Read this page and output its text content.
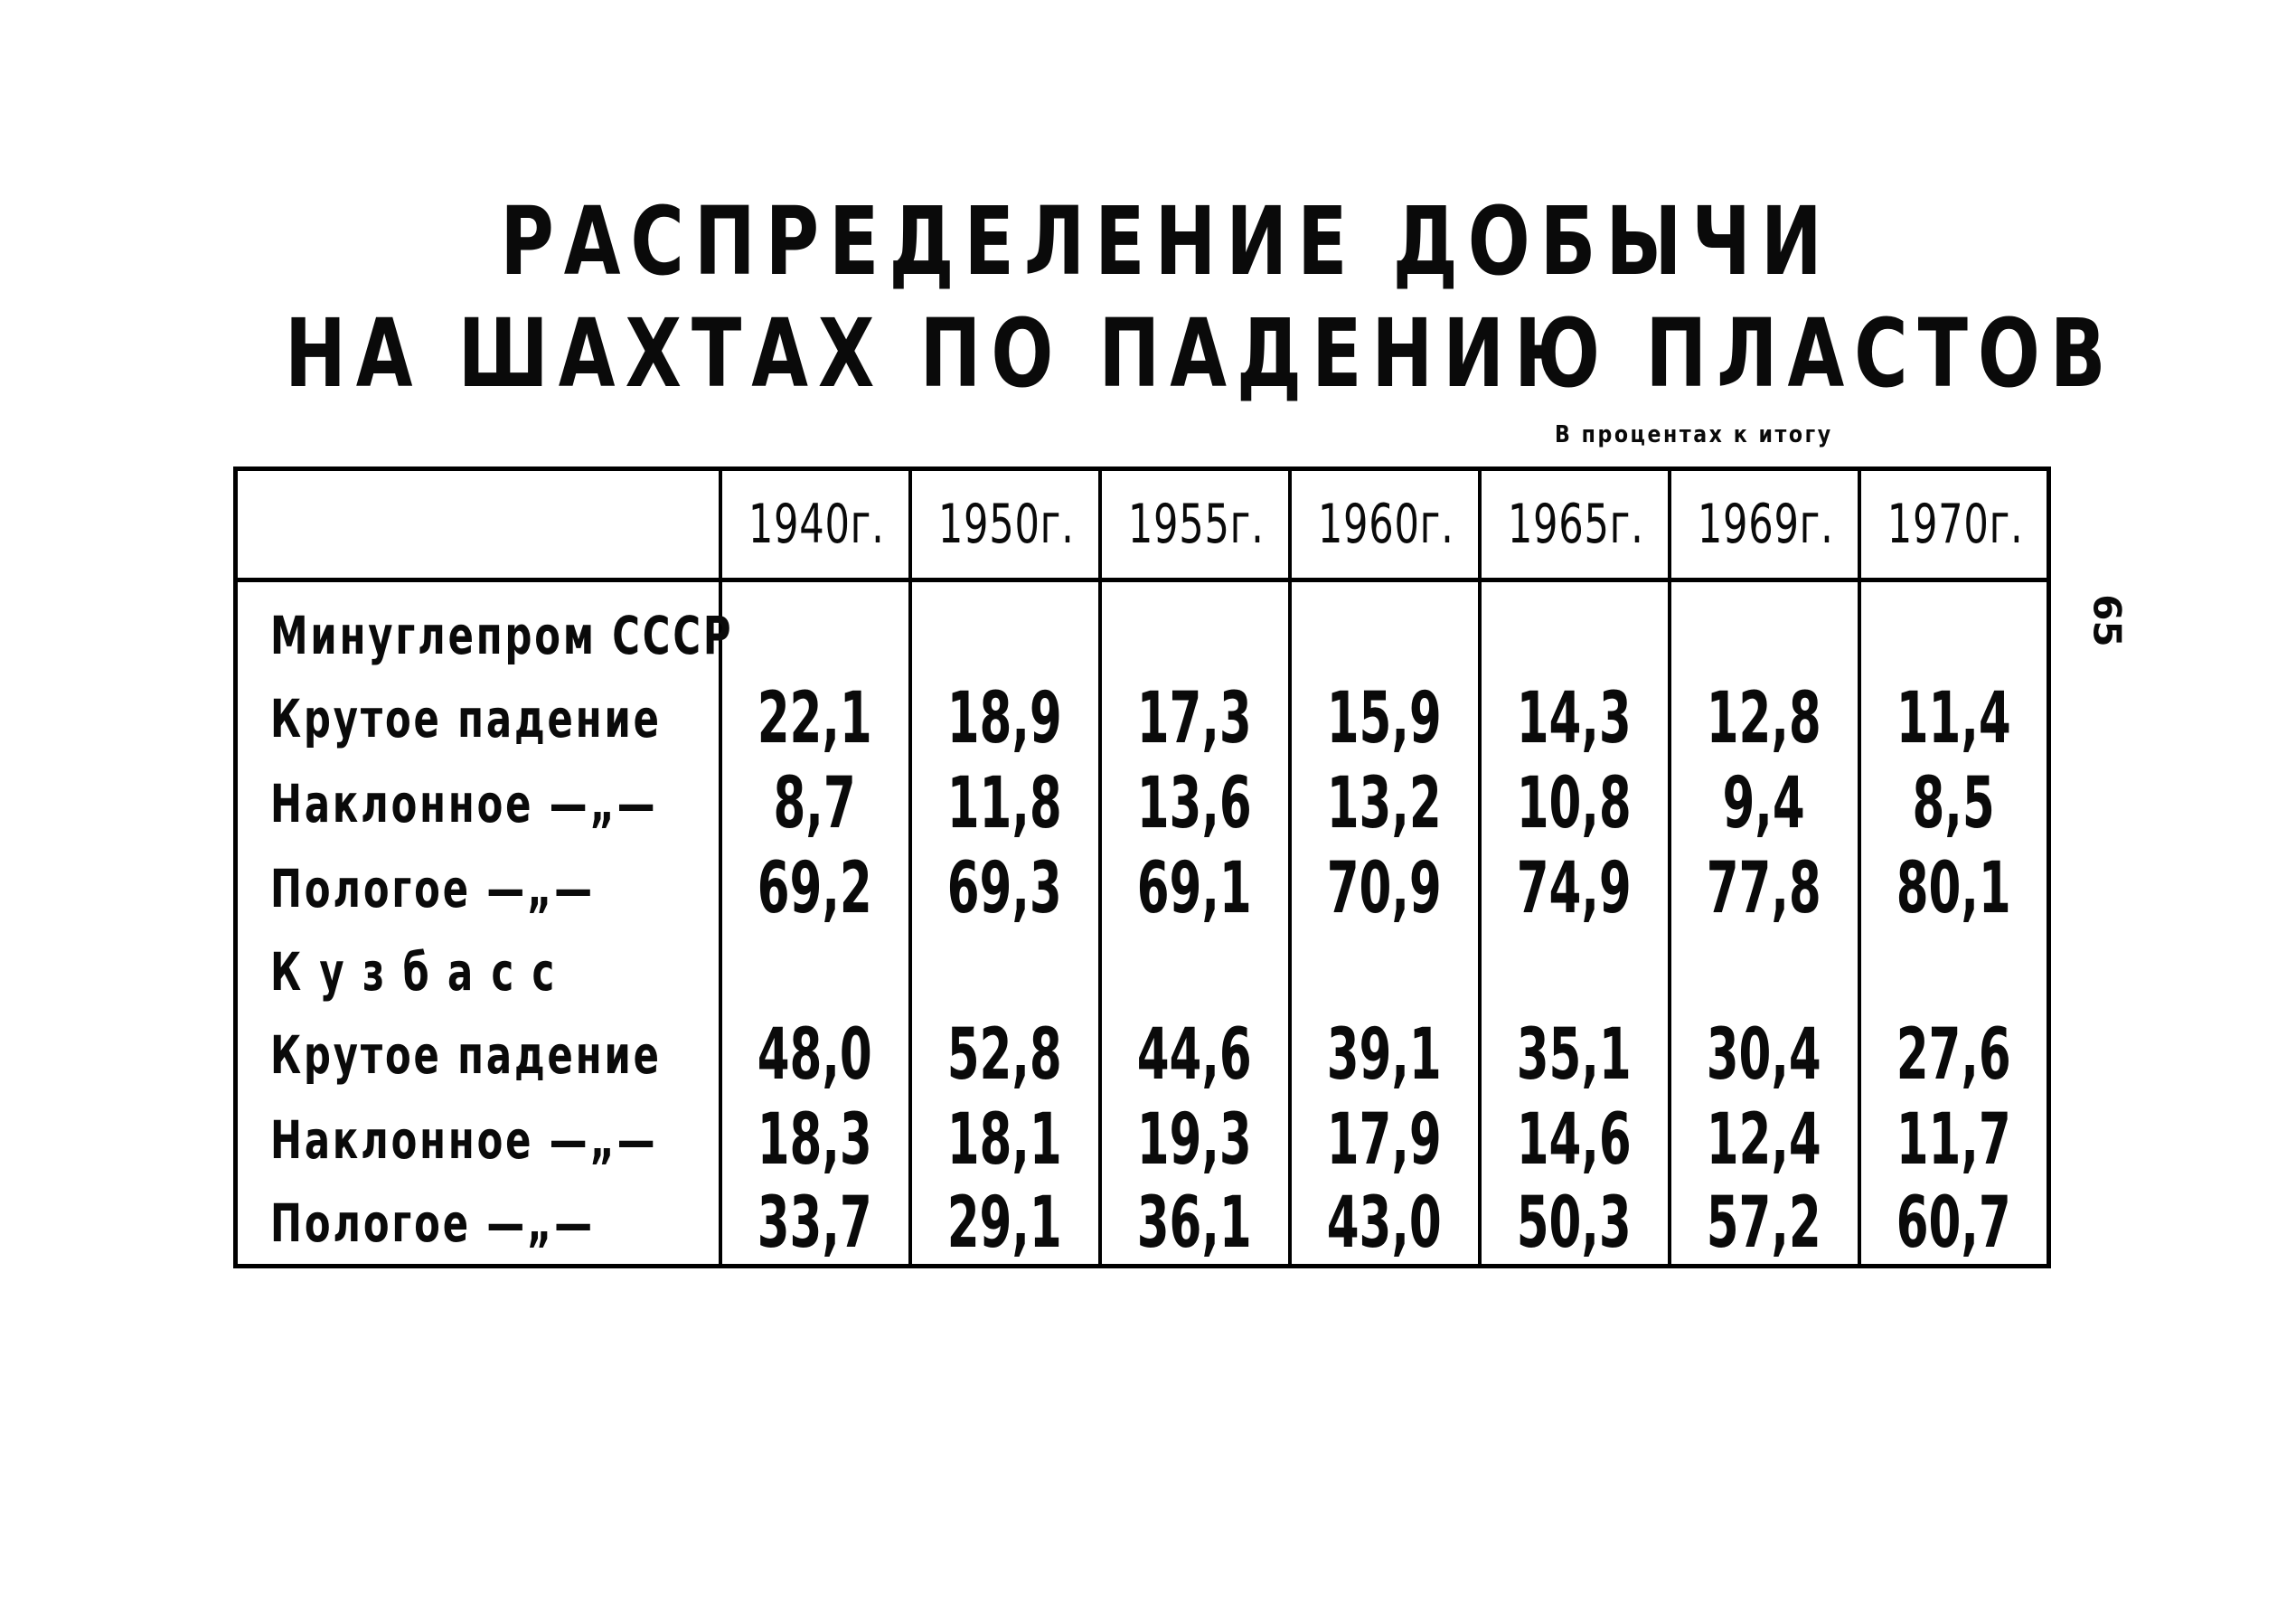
РАСПРЕДЕЛЕНИЕ ДОБЫЧИ
НА ШАХТАХ ПО ПАДЕНИЮ ПЛАСТОВ
В процентах к итогу
65

	1940г.	1950г.	1955г.	1960г.	1965г.	1969г.	1970г.

Минуглепром СССР							
Крутое падение	22,1	18,9	17,3	15,9	14,3	12,8	11,4
Наклонное —„—	8,7	11,8	13,6	13,2	10,8	9,4	8,5
Пологое —„—	69,2	69,3	69,1	70,9	74,9	77,8	80,1
К у з б а с с							
Крутое падение	48,0	52,8	44,6	39,1	35,1	30,4	27,6
Наклонное —„—	18,3	18,1	19,3	17,9	14,6	12,4	11,7
Пологое —„—	33,7	29,1	36,1	43,0	50,3	57,2	60,7
